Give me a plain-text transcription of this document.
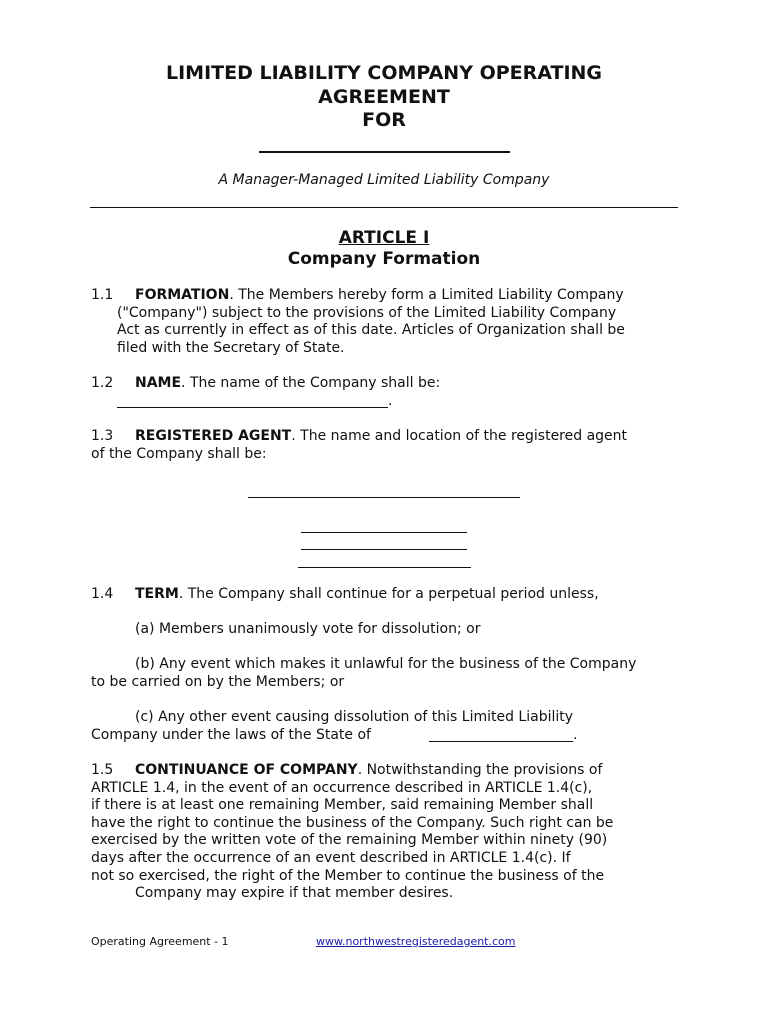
LIMITED LIABILITY COMPANY OPERATING
AGREEMENT
FOR
A Manager-Managed Limited Liability Company
ARTICLE I
Company Formation
1.1 FORMATION. The Members hereby form a Limited Liability Company
("Company") subject to the provisions of the Limited Liability Company
Act as currently in effect as of this date. Articles of Organization shall be
filed with the Secretary of State.
1.2 NAME. The name of the Company shall be:
.
1.3 REGISTERED AGENT. The name and location of the registered agent
of the Company shall be:
1.4 TERM. The Company shall continue for a perpetual period unless,
(a) Members unanimously vote for dissolution; or
(b) Any event which makes it unlawful for the business of the Company
to be carried on by the Members; or
(c) Any other event causing dissolution of this Limited Liability
Company under the laws of the State of	.
1.5 CONTINUANCE OF COMPANY. Notwithstanding the provisions of
ARTICLE 1.4, in the event of an occurrence described in ARTICLE 1.4(c),
if there is at least one remaining Member, said remaining Member shall
have the right to continue the business of the Company. Such right can be
exercised by the written vote of the remaining Member within ninety (90)
days after the occurrence of an event described in ARTICLE 1.4(c). If
not so exercised, the right of the Member to continue the business of the
Company may expire if that member desires.
Operating Agreement - 1	www.northwestregisteredagent.com
